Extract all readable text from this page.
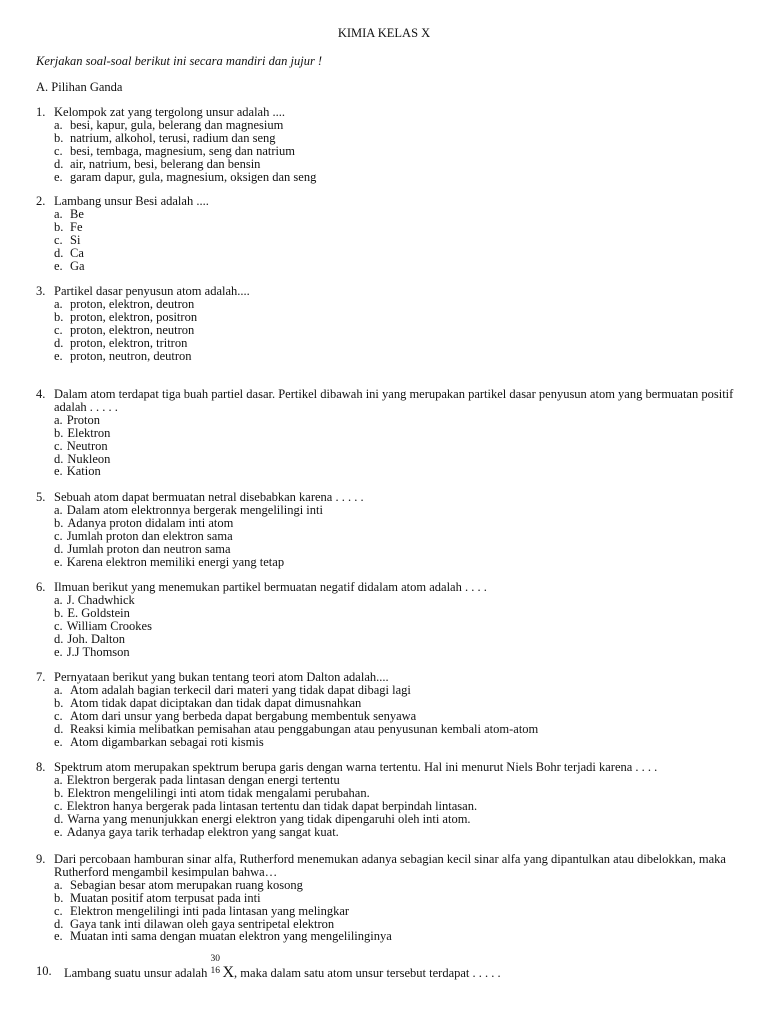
KIMIA KELAS X
Kerjakan soal-soal berikut ini secara mandiri dan jujur !
A. Pilihan Ganda
1. Kelompok zat yang tergolong unsur adalah ....
a. besi, kapur, gula, belerang dan magnesium
b. natrium, alkohol, terusi, radium dan seng
c. besi, tembaga, magnesium, seng dan natrium
d. air, natrium, besi, belerang dan bensin
e. garam dapur, gula, magnesium, oksigen dan seng
2. Lambang unsur Besi adalah ....
a. Be
b. Fe
c. Si
d. Ca
e. Ga
3. Partikel dasar penyusun atom adalah....
a. proton, elektron, deutron
b. proton, elektron, positron
c. proton, elektron, neutron
d. proton, elektron, tritron
e. proton, neutron, deutron
4. Dalam atom terdapat tiga buah partiel dasar. Pertikel dibawah ini yang merupakan partikel dasar penyusun atom yang bermuatan positif adalah . . . . .
a. Proton
b. Elektron
c. Neutron
d. Nukleon
e. Kation
5. Sebuah atom dapat bermuatan netral disebabkan karena . . . . .
a. Dalam atom elektronnya bergerak mengelilingi inti
b. Adanya proton didalam inti atom
c. Jumlah proton dan elektron sama
d. Jumlah proton dan neutron sama
e. Karena elektron memiliki energi yang tetap
6. Ilmuan berikut yang menemukan partikel bermuatan negatif didalam atom adalah . . . .
a. J. Chadwhick
b. E. Goldstein
c. William Crookes
d. Joh. Dalton
e. J.J Thomson
7. Pernyataan berikut yang bukan tentang teori atom Dalton adalah....
a. Atom adalah bagian terkecil dari materi yang tidak dapat dibagi lagi
b. Atom tidak dapat diciptakan dan tidak dapat dimusnahkan
c. Atom dari unsur yang berbeda dapat bergabung membentuk senyawa
d. Reaksi kimia melibatkan pemisahan atau penggabungan atau penyusunan kembali atom-atom
e. Atom digambarkan sebagai roti kismis
8. Spektrum atom merupakan spektrum berupa garis dengan warna tertentu. Hal ini menurut Niels Bohr terjadi karena . . . .
a. Elektron bergerak pada lintasan dengan energi tertentu
b. Elektron mengelilingi inti atom tidak mengalami perubahan.
c. Elektron hanya bergerak pada lintasan tertentu dan tidak dapat berpindah lintasan.
d. Warna yang menunjukkan energi elektron yang tidak dipengaruhi oleh inti atom.
e. Adanya gaya tarik terhadap elektron yang sangat kuat.
9. Dari percobaan hamburan sinar alfa, Rutherford menemukan adanya sebagian kecil sinar alfa yang dipantulkan atau dibelokkan, maka Rutherford mengambil kesimpulan bahwa…
a. Sebagian besar atom merupakan ruang kosong
b. Muatan positif atom terpusat pada inti
c. Elektron mengelilingi inti pada lintasan yang melingkar
d. Gaya tank inti dilawan oleh gaya sentripetal elektron
e. Muatan inti sama dengan muatan elektron yang mengelilinginya
10. Lambang suatu unsur adalah
30
16 X, maka dalam satu atom unsur tersebut terdapat . . . . .
